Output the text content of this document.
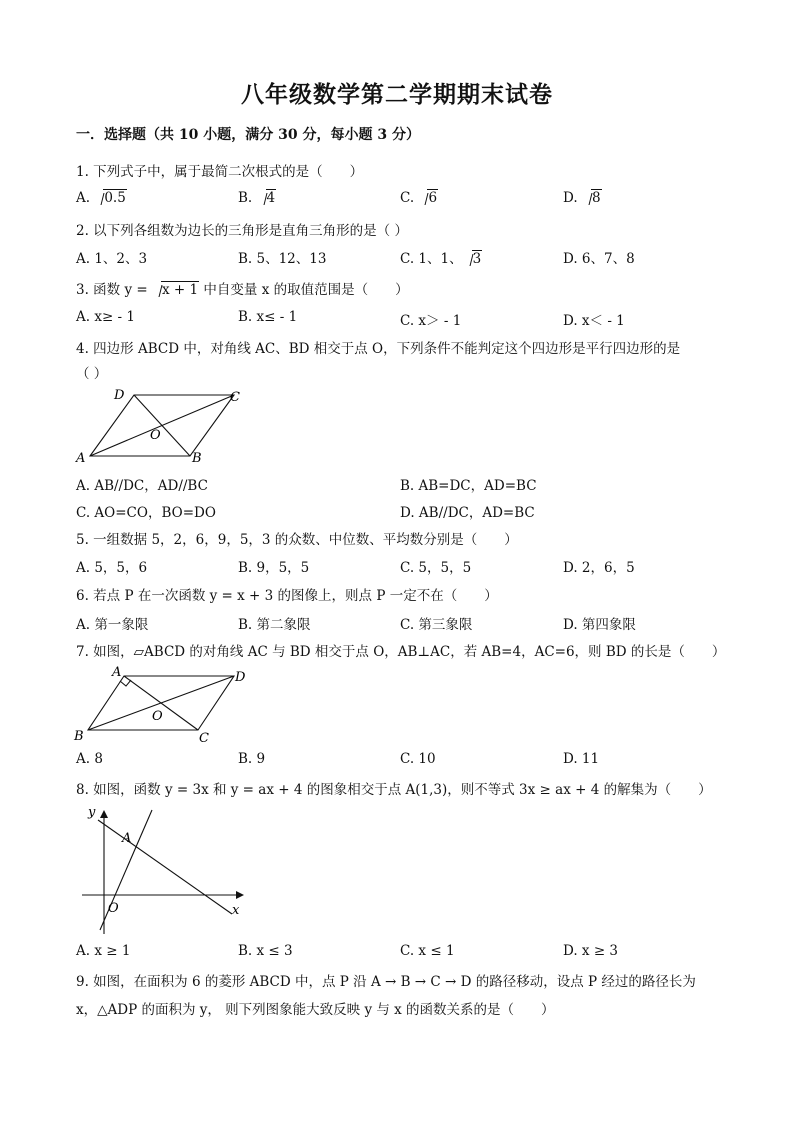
八年级数学第二学期期末试卷
一．选择题（共 10 小题，满分 30 分，每小题 3 分）
1. 下列式子中，属于最简二次根式的是（　　）
A. 0.5	B. 4	C. 6	D. 8
2. 以下列各组数为边长的三角形是直角三角形的是（ ）
A. 1、2、3	B. 5、12、13	C. 1、1、 3	D. 6、7、8
3. 函数 y = x + 1 中自变量 x 的取值范围是（　　）
A. x≥ - 1	B. x≤ - 1	C. x＞ - 1	D. x＜ - 1
4. 四边形 ABCD 中，对角线 AC、BD 相交于点 O，下列条件不能判定这个四边形是平行四边形的是
（ ）
A	B
C
D
O
A. AB//DC，AD//BC	B. AB=DC，AD=BC
C. AO=CO，BO=DO	D. AB//DC，AD=BC
5. 一组数据 5，2，6，9，5，3 的众数、中位数、平均数分别是（　　）
A. 5，5，6	B. 9，5，5	C. 5，5，5	D. 2，6，5
6. 若点 P 在一次函数 y = x + 3 的图像上，则点 P 一定不在（　　）
A. 第一象限	B. 第二象限	C. 第三象限	D. 第四象限
7. 如图，▱ABCD 的对角线 AC 与 BD 相交于点 O，AB⊥AC，若 AB=4，AC=6，则 BD 的长是（　　）
A
B	C
D
O
A. 8	B. 9	C. 10	D. 11
8. 如图，函数 y = 3x 和 y = ax + 4 的图象相交于点 A(1,3)，则不等式 3x ≥ ax + 4 的解集为（　　）
y
x
O
A
A. x ≥ 1	B. x ≤ 3	C. x ≤ 1	D. x ≥ 3
9. 如图，在面积为 6 的菱形 ABCD 中，点 P 沿 A → B → C → D 的路径移动，设点 P 经过的路径长为
x，△ADP 的面积为 y， 则下列图象能大致反映 y 与 x 的函数关系的是（　　）
